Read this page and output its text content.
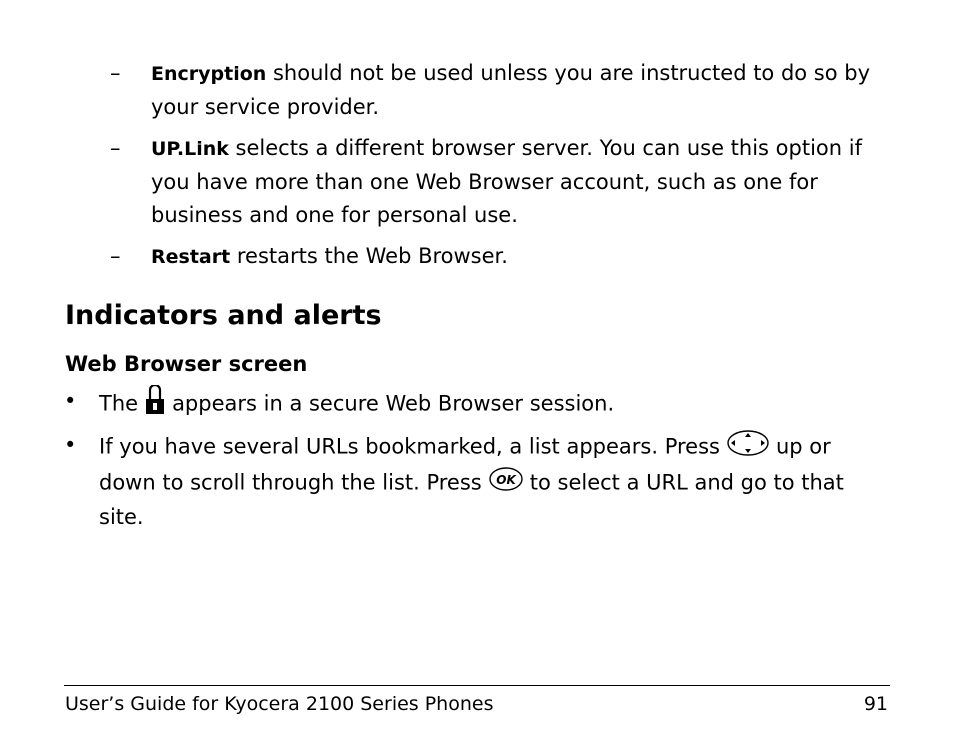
–	Encryption should not be used unless you are instructed to do so by your service provider.
–	UP.Link selects a different browser server. You can use this option if you have more than one Web Browser account, such as one for business and one for personal use.
–	Restart restarts the Web Browser.
Indicators and alerts
Web Browser screen
•	The appears in a secure Web Browser session.
•	If you have several URLs bookmarked, a list appears. Press	up or down to scroll through the list. Press OK to select a URL and go to that site.
User’s Guide for Kyocera 2100 Series Phones	91
